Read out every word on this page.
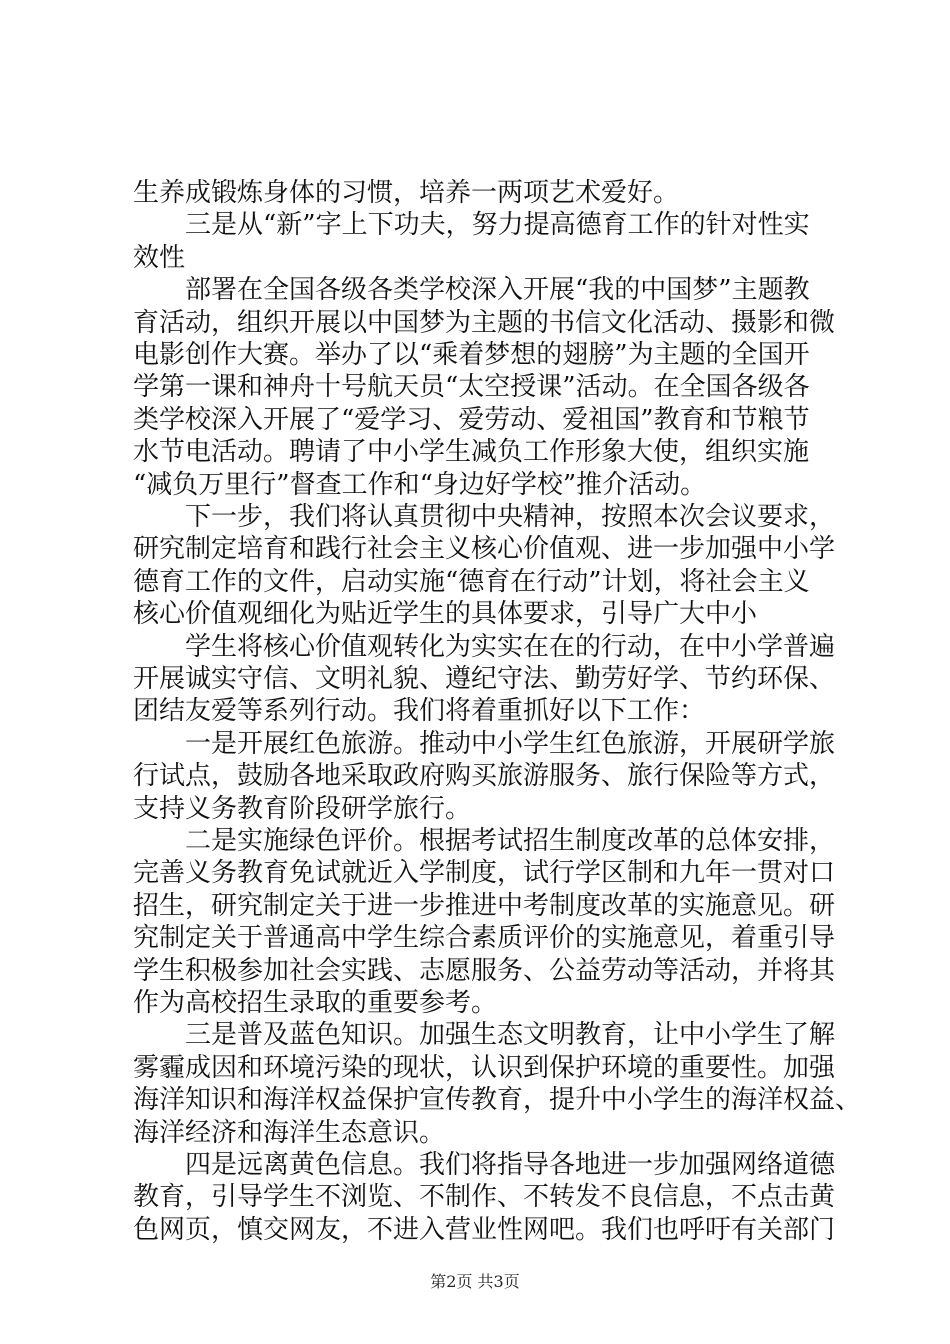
生养成锻炼身体的习惯，培养一两项艺术爱好。
三是从“新”字上下功夫，努力提高德育工作的针对性实
效性
部署在全国各级各类学校深入开展“我的中国梦”主题教
育活动，组织开展以中国梦为主题的书信文化活动、摄影和微
电影创作大赛。举办了以“乘着梦想的翅膀”为主题的全国开
学第一课和神舟十号航天员“太空授课”活动。在全国各级各
类学校深入开展了“爱学习、爱劳动、爱祖国”教育和节粮节
水节电活动。聘请了中小学生减负工作形象大使，组织实施
“减负万里行”督查工作和“身边好学校”推介活动。
下一步，我们将认真贯彻中央精神，按照本次会议要求，
研究制定培育和践行社会主义核心价值观、进一步加强中小学
德育工作的文件，启动实施“德育在行动”计划，将社会主义
核心价值观细化为贴近学生的具体要求，引导广大中小
学生将核心价值观转化为实实在在的行动，在中小学普遍
开展诚实守信、文明礼貌、遵纪守法、勤劳好学、节约环保、
团结友爱等系列行动。我们将着重抓好以下工作：
一是开展红色旅游。推动中小学生红色旅游，开展研学旅
行试点，鼓励各地采取政府购买旅游服务、旅行保险等方式，
支持义务教育阶段研学旅行。
二是实施绿色评价。根据考试招生制度改革的总体安排，
完善义务教育免试就近入学制度，试行学区制和九年一贯对口
招生，研究制定关于进一步推进中考制度改革的实施意见。研
究制定关于普通高中学生综合素质评价的实施意见，着重引导
学生积极参加社会实践、志愿服务、公益劳动等活动，并将其
作为高校招生录取的重要参考。
三是普及蓝色知识。加强生态文明教育，让中小学生了解
雾霾成因和环境污染的现状，认识到保护环境的重要性。加强
海洋知识和海洋权益保护宣传教育，提升中小学生的海洋权益、
海洋经济和海洋生态意识。
四是远离黄色信息。我们将指导各地进一步加强网络道德
教育，引导学生不浏览、不制作、不转发不良信息，不点击黄
色网页，慎交网友，不进入营业性网吧。我们也呼吁有关部门
第2页 共3页
